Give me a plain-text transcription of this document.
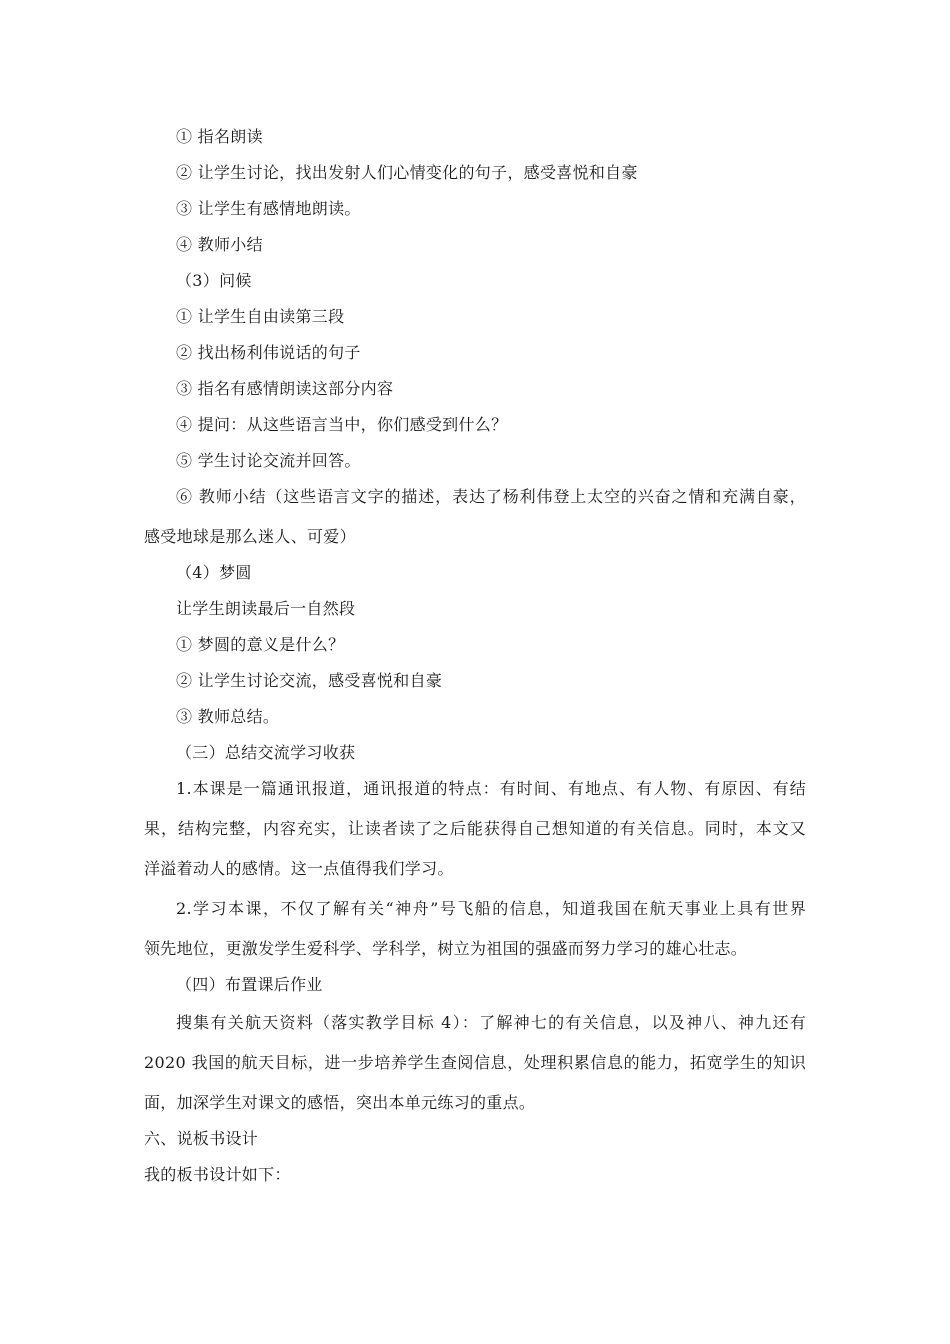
① 指名朗读
② 让学生讨论，找出发射人们心情变化的句子，感受喜悦和自豪
③ 让学生有感情地朗读。
④ 教师小结
（3）问候
① 让学生自由读第三段
② 找出杨利伟说话的句子
③ 指名有感情朗读这部分内容
④ 提问：从这些语言当中，你们感受到什么？
⑤ 学生讨论交流并回答。
⑥ 教师小结（这些语言文字的描述，表达了杨利伟登上太空的兴奋之情和充满自豪，
感受地球是那么迷人、可爱）
（4）梦圆
让学生朗读最后一自然段
① 梦圆的意义是什么？
② 让学生讨论交流，感受喜悦和自豪
③ 教师总结。
（三）总结交流学习收获
1.本课是一篇通讯报道，通讯报道的特点：有时间、有地点、有人物、有原因、有结
果，结构完整，内容充实，让读者读了之后能获得自己想知道的有关信息。同时，本文又
洋溢着动人的感情。这一点值得我们学习。
2.学习本课，不仅了解有关“神舟”号飞船的信息，知道我国在航天事业上具有世界
领先地位，更激发学生爱科学、学科学，树立为祖国的强盛而努力学习的雄心壮志。
（四）布置课后作业
搜集有关航天资料（落实教学目标 4）：了解神七的有关信息，以及神八、神九还有
2020 我国的航天目标，进一步培养学生查阅信息，处理积累信息的能力，拓宽学生的知识
面，加深学生对课文的感悟，突出本单元练习的重点。
六、说板书设计
我的板书设计如下：
